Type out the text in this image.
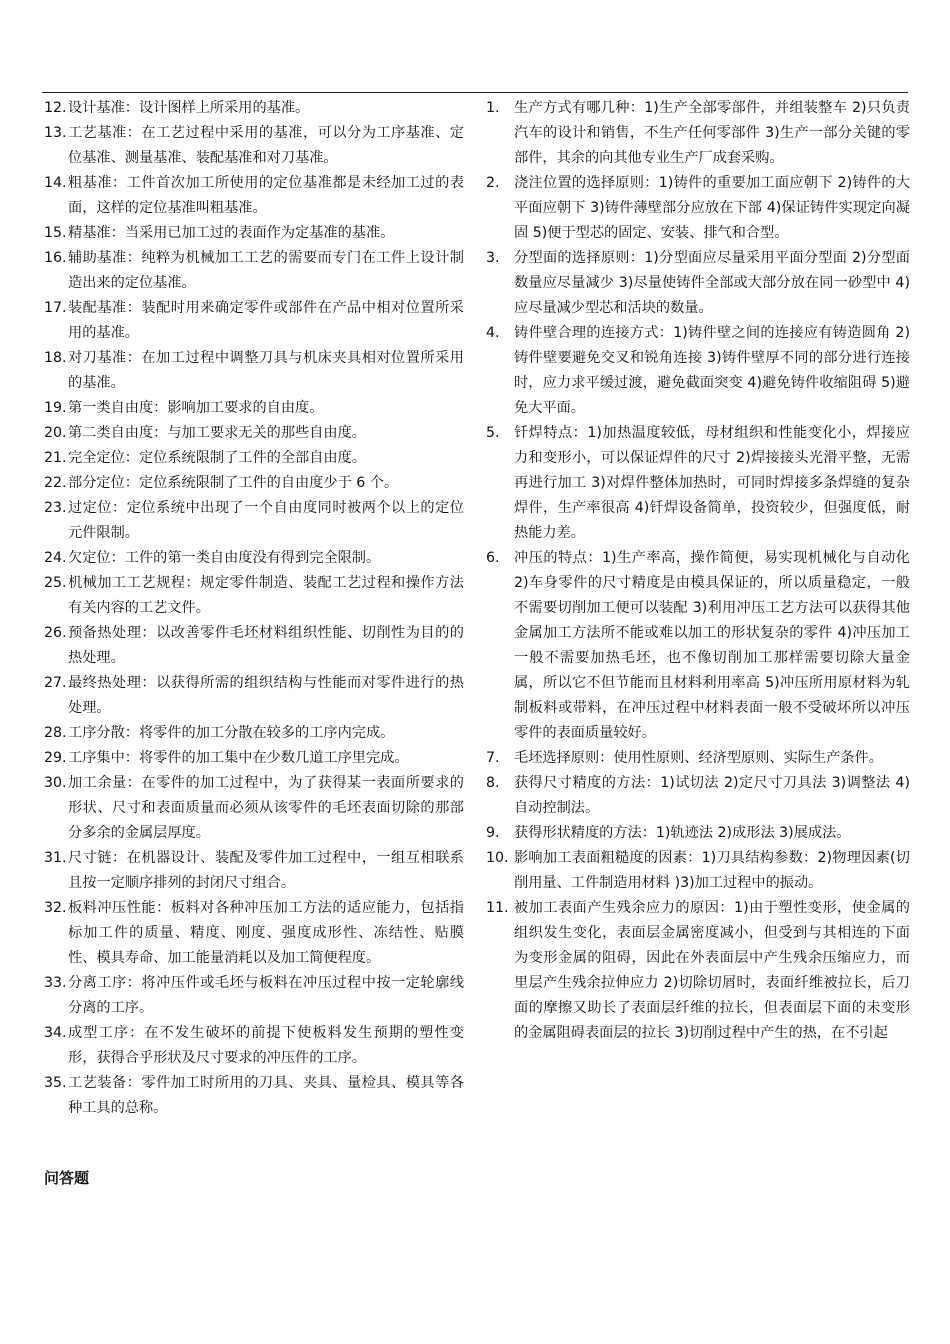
12. 设计基准：设计图样上所采用的基准。
13. 工艺基准：在工艺过程中采用的基准，可以分为工序基准、定位基准、测量基准、装配基准和对刀基准。
14. 粗基准：工件首次加工所使用的定位基准都是未经加工过的表面，这样的定位基准叫粗基准。
15. 精基准：当采用已加工过的表面作为定基准的基准。
16. 辅助基准：纯粹为机械加工工艺的需要而专门在工件上设计制造出来的定位基准。
17. 装配基准：装配时用来确定零件或部件在产品中相对位置所采用的基准。
18. 对刀基准：在加工过程中调整刀具与机床夹具相对位置所采用的基准。
19. 第一类自由度：影响加工要求的自由度。
20. 第二类自由度：与加工要求无关的那些自由度。
21. 完全定位：定位系统限制了工件的全部自由度。
22. 部分定位：定位系统限制了工件的自由度少于 6 个。
23. 过定位：定位系统中出现了一个自由度同时被两个以上的定位元件限制。
24. 欠定位：工件的第一类自由度没有得到完全限制。
25. 机械加工工艺规程：规定零件制造、装配工艺过程和操作方法有关内容的工艺文件。
26. 预备热处理：以改善零件毛坯材料组织性能、切削性为目的的热处理。
27. 最终热处理：以获得所需的组织结构与性能而对零件进行的热处理。
28. 工序分散：将零件的加工分散在较多的工序内完成。
29. 工序集中：将零件的加工集中在少数几道工序里完成。
30. 加工余量：在零件的加工过程中，为了获得某一表面所要求的形状、尺寸和表面质量而必须从该零件的毛坯表面切除的那部分多余的金属层厚度。
31. 尺寸链：在机器设计、装配及零件加工过程中，一组互相联系且按一定顺序排列的封闭尺寸组合。
32. 板料冲压性能：板料对各种冲压加工方法的适应能力，包括指标加工件的质量、精度、刚度、强度成形性、冻结性、贴膜性、模具寿命、加工能量消耗以及加工简便程度。
33. 分离工序：将冲压件或毛坯与板料在冲压过程中按一定轮廓线分离的工序。
34. 成型工序：在不发生破坏的前提下使板料发生预期的塑性变形，获得合乎形状及尺寸要求的冲压件的工序。
35. 工艺装备：零件加工时所用的刀具、夹具、量检具、模具等各种工具的总称。
问答题
1.	生产方式有哪几种：1)生产全部零部件，并组装整车 2)只负责汽车的设计和销售，不生产任何零部件 3)生产一部分关键的零部件，其余的向其他专业生产厂成套采购。
2.	浇注位置的选择原则：1)铸件的重要加工面应朝下 2)铸件的大平面应朝下 3)铸件薄壁部分应放在下部 4)保证铸件实现定向凝固 5)便于型芯的固定、安装、排气和合型。
3.	分型面的选择原则：1)分型面应尽量采用平面分型面 2)分型面数量应尽量减少 3)尽量使铸件全部或大部分放在同一砂型中 4)应尽量减少型芯和活块的数量。
4.	铸件壁合理的连接方式：1)铸件壁之间的连接应有铸造圆角 2)铸件壁要避免交叉和锐角连接 3)铸件壁厚不同的部分进行连接时，应力求平缓过渡，避免截面突变 4)避免铸件收缩阻碍 5)避免大平面。
5.	钎焊特点：1)加热温度较低，母材组织和性能变化小，焊接应力和变形小，可以保证焊件的尺寸 2)焊接接头光滑平整，无需再进行加工 3)对焊件整体加热时，可同时焊接多条焊缝的复杂焊件，生产率很高 4)钎焊设备简单，投资较少，但强度低，耐热能力差。
6.	冲压的特点：1)生产率高，操作简便，易实现机械化与自动化 2)车身零件的尺寸精度是由模具保证的，所以质量稳定，一般不需要切削加工便可以装配 3)利用冲压工艺方法可以获得其他金属加工方法所不能或难以加工的形状复杂的零件 4)冲压加工一般不需要加热毛坯，也不像切削加工那样需要切除大量金属，所以它不但节能而且材料利用率高 5)冲压所用原材料为轧制板料或带料，在冲压过程中材料表面一般不受破坏所以冲压零件的表面质量较好。
7.	毛坯选择原则：使用性原则、经济型原则、实际生产条件。
8.	获得尺寸精度的方法：1)试切法 2)定尺寸刀具法 3)调整法 4)自动控制法。
9.	获得形状精度的方法：1)轨迹法 2)成形法 3)展成法。
10. 影响加工表面粗糙度的因素：1)刀具结构参数：2)物理因素(切削用量、工件制造用材料 )3)加工过程中的振动。
11. 被加工表面产生残余应力的原因：1)由于塑性变形，使金属的组织发生变化，表面层金属密度减小，但受到与其相连的下面为变形金属的阻碍，因此在外表面层中产生残余压缩应力，而里层产生残余拉伸应力 2)切除切屑时，表面纤维被拉长，后刀面的摩擦又助长了表面层纤维的拉长，但表面层下面的未变形的金属阻碍表面层的拉长 3)切削过程中产生的热，在不引起
